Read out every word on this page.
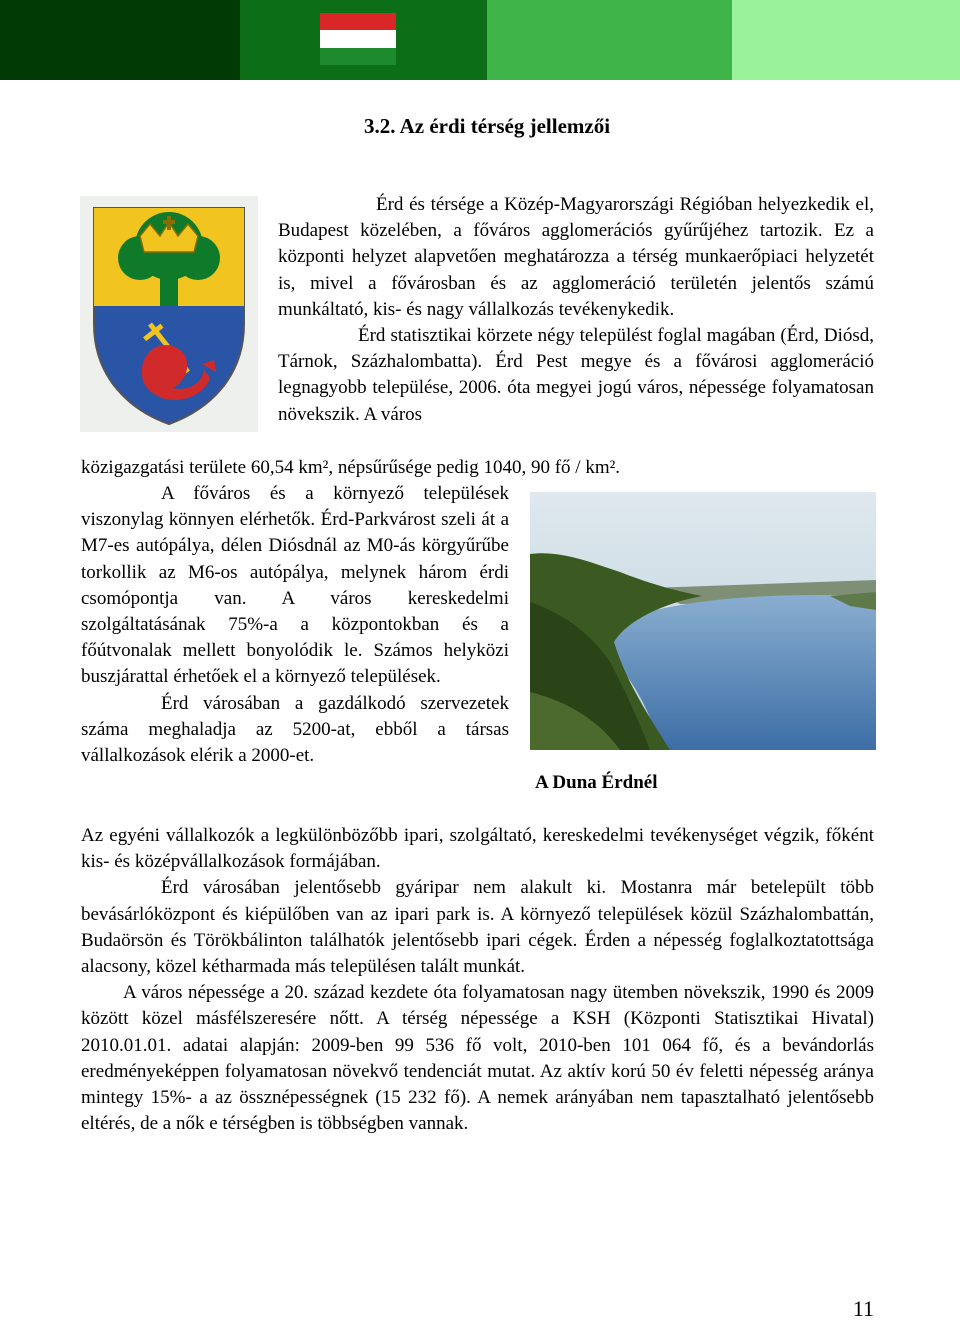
3.2. Az érdi térség jellemzői

Érd és térsége a Közép-Magyarországi Régióban helyezkedik el, Budapest közelében, a főváros agglomerációs gyűrűjéhez tartozik. Ez a központi helyzet alapvetően meghatározza a térség munkaerőpiaci helyzetét is, mivel a fővárosban és az agglomeráció területén jelentős számú munkáltató, kis- és nagy vállalkozás tevékenykedik.

Érd statisztikai körzete négy települést foglal magában (Érd, Diósd, Tárnok, Százhalombatta). Érd Pest megye és a fővárosi agglomeráció legnagyobb települése, 2006. óta megyei jogú város, népessége folyamatosan növekszik. A város

közigazgatási területe 60,54 km², népsűrűsége pedig 1040, 90 fő / km².

A főváros és a környező települések viszonylag könnyen elérhetők. Érd-Parkvárost szeli át a M7-es autópálya, délen Diósdnál az M0-ás körgyűrűbe torkollik az M6-os autópálya, melynek három érdi csomópontja van. A város kereskedelmi szolgáltatásának 75%-a a központokban és a főútvonalak mellett bonyolódik le. Számos helyközi buszjárattal érhetőek el a környező települések.

Érd városában a gazdálkodó szervezetek száma meghaladja az 5200-at, ebből a társas vállalkozások elérik a 2000-et.

A Duna Érdnél

Az egyéni vállalkozók a legkülönbözőbb ipari, szolgáltató, kereskedelmi tevékenységet végzik, főként kis- és középvállalkozások formájában.

Érd városában jelentősebb gyáripar nem alakult ki. Mostanra már betelepült több bevásárlóközpont és kiépülőben van az ipari park is. A környező települések közül Százhalombattán, Budaörsön és Törökbálinton találhatók jelentősebb ipari cégek. Érden a népesség foglalkoztatottsága alacsony, közel kétharmada más településen talált munkát.

A város népessége a 20. század kezdete óta folyamatosan nagy ütemben növekszik, 1990 és 2009 között közel másfélszeresére nőtt. A térség népessége a KSH (Központi Statisztikai Hivatal) 2010.01.01. adatai alapján: 2009-ben 99 536 fő volt, 2010-ben 101 064 fő, és a bevándorlás eredményeképpen folyamatosan növekvő tendenciát mutat. Az aktív korú 50 év feletti népesség aránya mintegy 15%- a az össznépességnek (15 232 fő). A nemek arányában nem tapasztalható jelentősebb eltérés, de a nők e térségben is többségben vannak.

11
